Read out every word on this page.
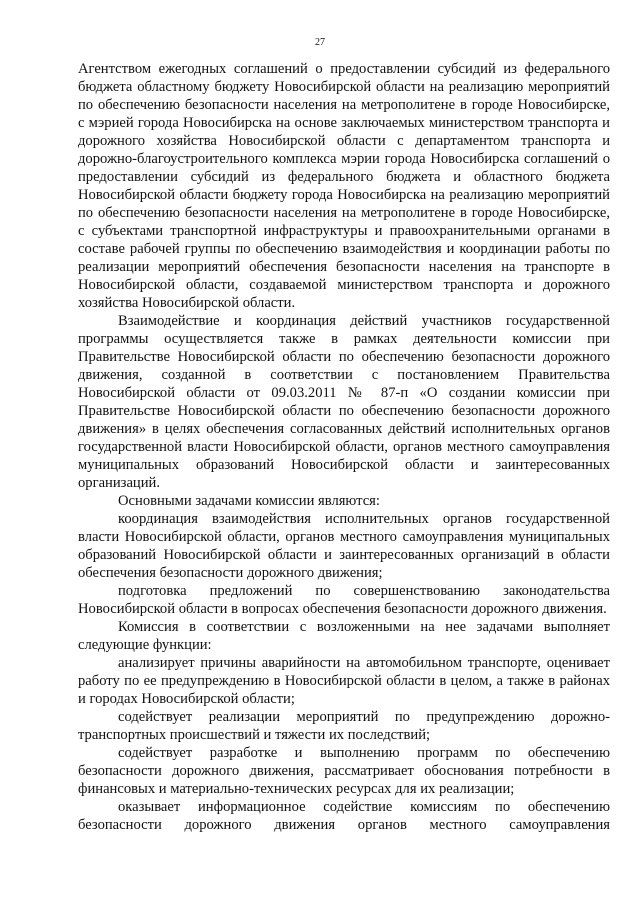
27

Агентством ежегодных соглашений о предоставлении субсидий из федерального бюджета областному бюджету Новосибирской области на реализацию мероприятий по обеспечению безопасности населения на метрополитене в городе Новосибирске, с мэрией города Новосибирска на основе заключаемых министерством транспорта и дорожного хозяйства Новосибирской области с департаментом транспорта и дорожно-благоустроительного комплекса мэрии города Новосибирска соглашений о предоставлении субсидий из федерального бюджета и областного бюджета Новосибирской области бюджету города Новосибирска на реализацию мероприятий по обеспечению безопасности населения на метрополитене в городе Новосибирске, с субъектами транспортной инфраструктуры и правоохранительными органами в составе рабочей группы по обеспечению взаимодействия и координации работы по реализации мероприятий обеспечения безопасности населения на транспорте в Новосибирской области, создаваемой министерством транспорта и дорожного хозяйства Новосибирской области.

Взаимодействие и координация действий участников государственной программы осуществляется также в рамках деятельности комиссии при Правительстве Новосибирской области по обеспечению безопасности дорожного движения, созданной в соответствии с постановлением Правительства Новосибирской области от 09.03.2011 № 87-п «О создании комиссии при Правительстве Новосибирской области по обеспечению безопасности дорожного движения» в целях обеспечения согласованных действий исполнительных органов государственной власти Новосибирской области, органов местного самоуправления муниципальных образований Новосибирской области и заинтересованных организаций.

Основными задачами комиссии являются:

координация взаимодействия исполнительных органов государственной власти Новосибирской области, органов местного самоуправления муниципальных образований Новосибирской области и заинтересованных организаций в области обеспечения безопасности дорожного движения;

подготовка предложений по совершенствованию законодательства Новосибирской области в вопросах обеспечения безопасности дорожного движения.

Комиссия в соответствии с возложенными на нее задачами выполняет следующие функции:

анализирует причины аварийности на автомобильном транспорте, оценивает работу по ее предупреждению в Новосибирской области в целом, а также в районах и городах Новосибирской области;

содействует реализации мероприятий по предупреждению дорожно-транспортных происшествий и тяжести их последствий;

содействует разработке и выполнению программ по обеспечению безопасности дорожного движения, рассматривает обоснования потребности в финансовых и материально-технических ресурсах для их реализации;

оказывает информационное содействие комиссиям по обеспечению безопасности дорожного движения органов местного самоуправления
